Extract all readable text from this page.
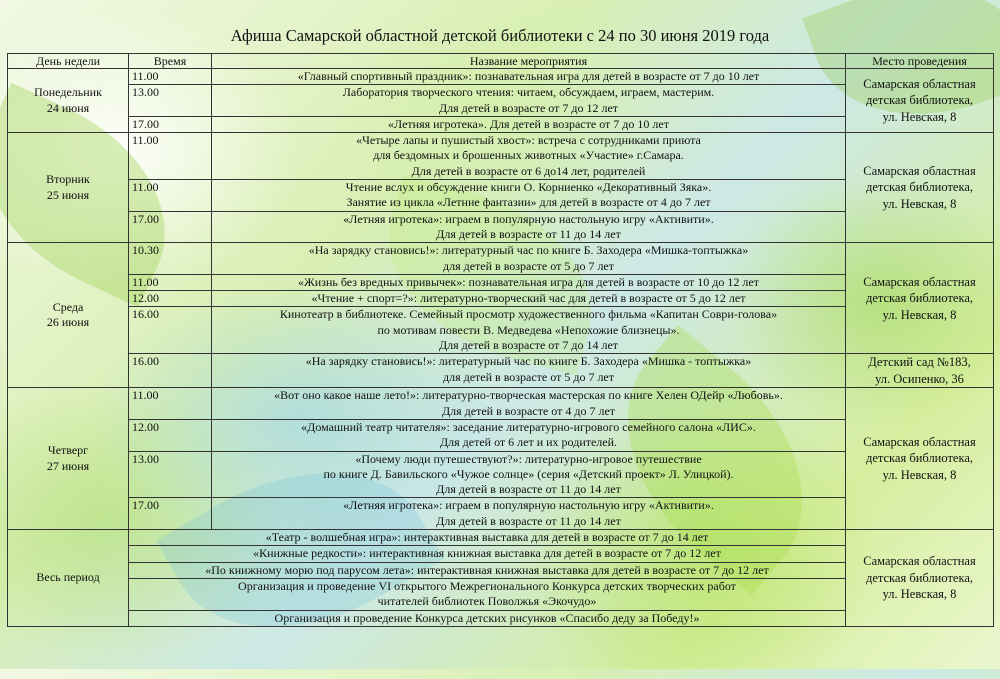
Афиша Самарской областной детской библиотеки с 24 по 30 июня 2019 года
День недели	Время	Название мероприятия	Место проведения

Понедельник
24 июня	11.00	«Главный спортивный праздник»: познавательная игра для детей в возрасте от 7 до 10 лет	Самарская областная
детская библиотека,
ул. Невская, 8

	13.00	Лаборатория творческого чтения: читаем, обсуждаем, играем, мастерим.
Для детей в возрасте от 7 до 12 лет	

	17.00	«Летняя игротека». Для детей в возрасте от 7 до 10 лет	

Вторник
25 июня	11.00	«Четыре лапы и пушистый хвост»: встреча с сотрудниками приюта
для бездомных и брошенных животных «Участие» г.Самара.
Для детей в возрасте от 6 до14 лет, родителей	Самарская областная
детская библиотека,
ул. Невская, 8

	11.00	Чтение вслух и обсуждение книги О. Корниенко «Декоративный Зяка».
Занятие из цикла «Летние фантазии» для детей в возрасте от 4 до 7 лет	

	17.00	«Летняя игротека»: играем в популярную настольную игру «Активити».
Для детей в возрасте от 11 до 14 лет	

Среда
26 июня	10.30	«На зарядку становись!»: литературный час по книге Б. Заходера «Мишка-топтыжка»
для детей в возрасте от 5 до 7 лет	Самарская областная
детская библиотека,
ул. Невская, 8

	11.00	«Жизнь без вредных привычек»: познавательная игра для детей в возрасте от 10 до 12 лет	

	12.00	«Чтение + спорт=?»: литературно-творческий час для детей в возрасте от 5 до 12 лет	

	16.00	Кинотеатр в библиотеке. Семейный просмотр художественного фильма «Капитан Соври-голова»
по мотивам повести В. Медведева «Непохожие близнецы».
Для детей в возрасте от 7 до 14 лет	

	16.00	«На зарядку становись!»: литературный час по книге Б. Заходера «Мишка - топтыжка»
для детей в возрасте от 5 до 7 лет	Детский сад №183,
ул. Осипенко, 36

Четверг
27 июня	11.00	«Вот оно какое наше лето!»: литературно-творческая мастерская по книге Хелен ОДейр «Любовь».
Для детей в возрасте от 4 до 7 лет	Самарская областная
детская библиотека,
ул. Невская, 8

	12.00	«Домашний театр читателя»: заседание литературно-игрового семейного салона «ЛИС».
Для детей от 6 лет и их родителей.	

	13.00	«Почему люди путешествуют?»: литературно-игровое путешествие
по книге Д. Бавильского «Чужое солнце» (серия «Детский проект» Л. Улицкой).
Для детей в возрасте от 11 до 14 лет	

	17.00	«Летняя игротека»: играем в популярную настольную игру «Активити».
Для детей в возрасте от 11 до 14 лет	

Весь период	«Театр - волшебная игра»: интерактивная выставка для детей в возрасте от 7 до 14 лет		Самарская областная
детская библиотека,
ул. Невская, 8

	«Книжные редкости»: интерактивная книжная выставка для детей в возрасте от 7 до 12 лет		

	«По книжному морю под парусом лета»: интерактивная книжная выставка для детей в возрасте от 7 до 12 лет		

	Организация и проведение VI открытого Межрегионального Конкурса детских творческих работ
читателей библиотек Поволжья «Экочудо»		

	Организация и проведение Конкурса детских рисунков «Спасибо деду за Победу!»		
